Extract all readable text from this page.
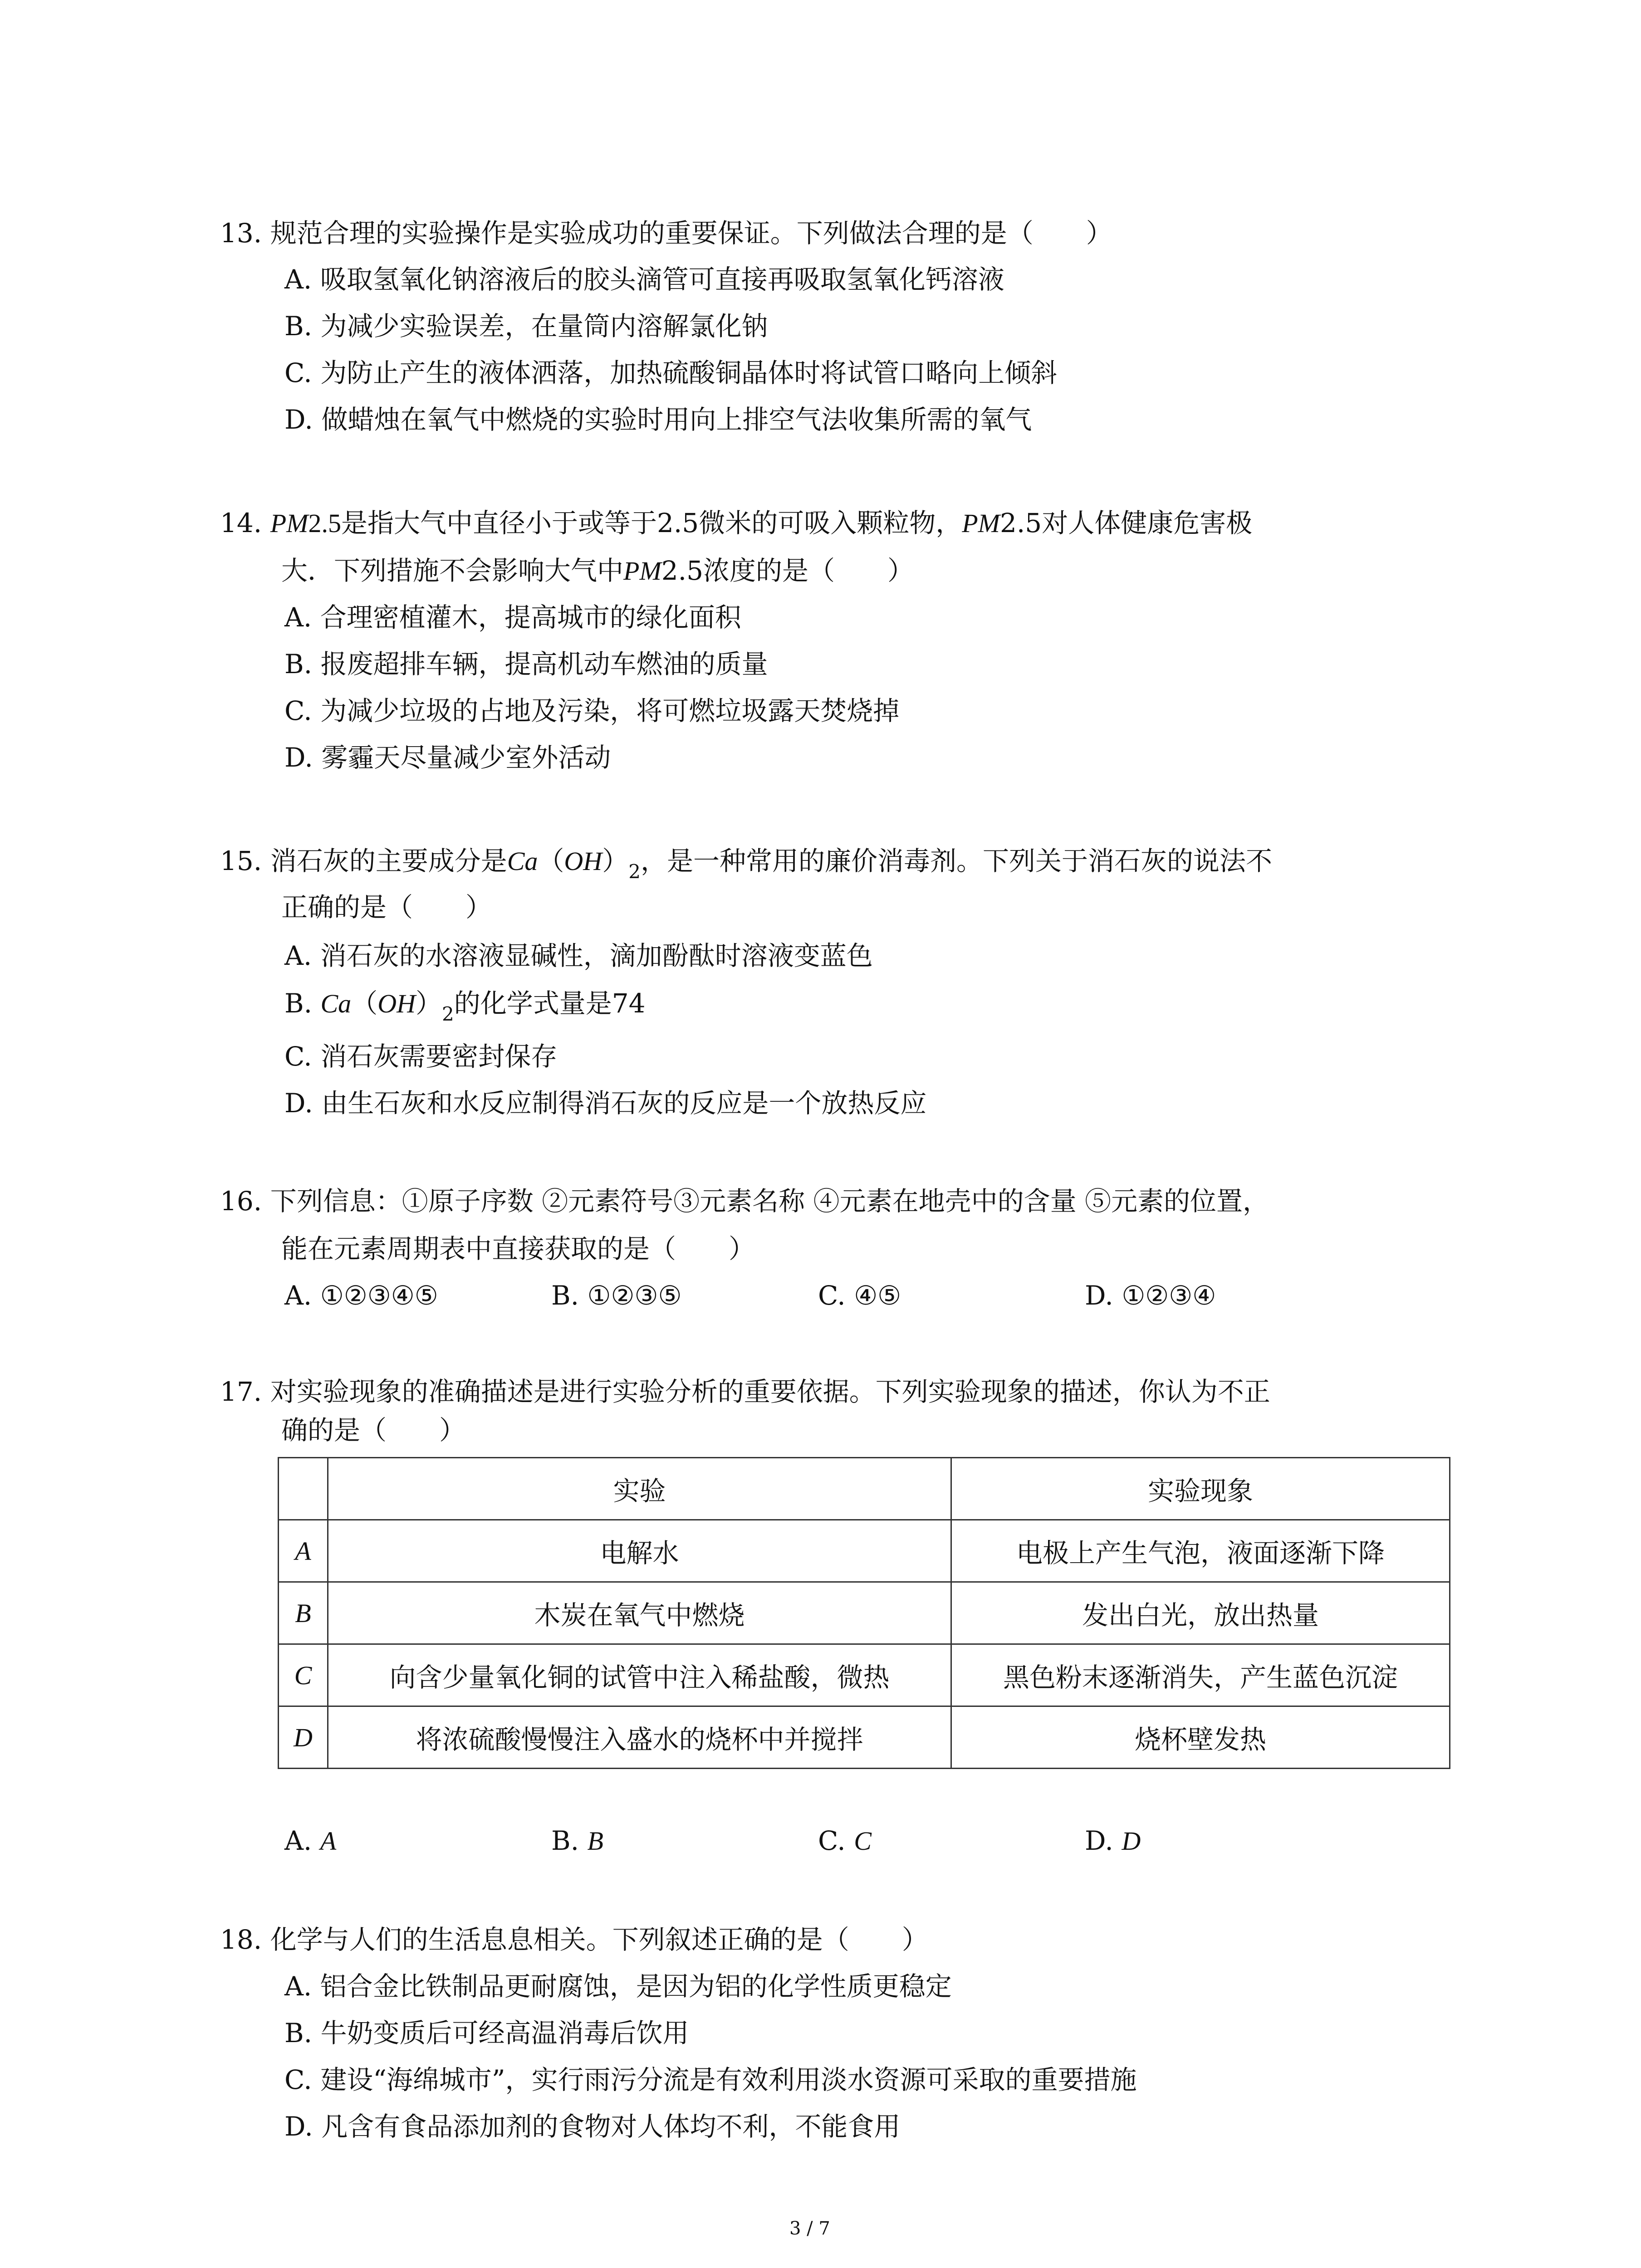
13. 规范合理的实验操作是实验成功的重要保证。下列做法合理的是（　　）
A. 吸取氢氧化钠溶液后的胶头滴管可直接再吸取氢氧化钙溶液
B. 为减少实验误差，在量筒内溶解氯化钠
C. 为防止产生的液体洒落，加热硫酸铜晶体时将试管口略向上倾斜
D. 做蜡烛在氧气中燃烧的实验时用向上排空气法收集所需的氧气
14. PM2.5是指大气中直径小于或等于2.5微米的可吸入颗粒物，PM2.5对人体健康危害极
大．下列措施不会影响大气中PM2.5浓度的是（　　）
A. 合理密植灌木，提高城市的绿化面积
B. 报废超排车辆，提高机动车燃油的质量
C. 为减少垃圾的占地及污染，将可燃垃圾露天焚烧掉
D. 雾霾天尽量减少室外活动
15. 消石灰的主要成分是$Ca(OH)_2$，是一种常用的廉价消毒剂。下列关于消石灰的说法不
正确的是（　　）
A. 消石灰的水溶液显碱性，滴加酚酞时溶液变蓝色
B. $Ca(OH)_2$的化学式量是74
C. 消石灰需要密封保存
D. 由生石灰和水反应制得消石灰的反应是一个放热反应
16. 下列信息：①原子序数 ②元素符号③元素名称 ④元素在地壳中的含量 ⑤元素的位置，
能在元素周期表中直接获取的是（　　）
A. ①②③④⑤	B. ①②③⑤	C. ④⑤	D. ①②③④
17. 对实验现象的准确描述是进行实验分析的重要依据。下列实验现象的描述，你认为不正
确的是（　　）
	实验	实验现象
A	电解水	电极上产生气泡，液面逐渐下降
B	木炭在氧气中燃烧	发出白光，放出热量
C	向含少量氧化铜的试管中注入稀盐酸，微热	黑色粉末逐渐消失，产生蓝色沉淀
D	将浓硫酸慢慢注入盛水的烧杯中并搅拌	烧杯壁发热
A. A	B. B	C. C	D. D
18. 化学与人们的生活息息相关。下列叙述正确的是（　　）
A. 铝合金比铁制品更耐腐蚀，是因为铝的化学性质更稳定
B. 牛奶变质后可经高温消毒后饮用
C. 建设“海绵城市”，实行雨污分流是有效利用淡水资源可采取的重要措施
D. 凡含有食品添加剂的食物对人体均不利，不能食用
3 / 7
